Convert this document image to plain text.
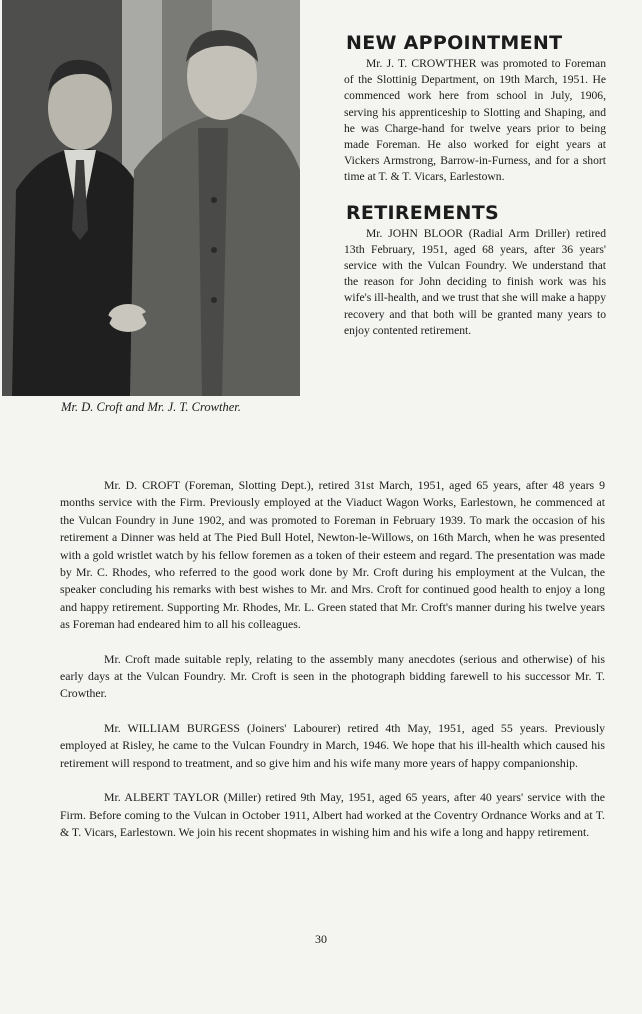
Mr. D. Croft and Mr. J. T. Crowther.
NEW APPOINTMENT

Mr. J. T. CROWTHER was promoted to Foreman of the Slottinig Department, on 19th March, 1951. He commenced work here from school in July, 1906, serving his apprenticeship to Slotting and Shaping, and he was Charge-hand for twelve years prior to being made Foreman. He also worked for eight years at Vickers Armstrong, Barrow-in-Furness, and for a short time at T. & T. Vicars, Earlestown.

RETIREMENTS

Mr. JOHN BLOOR (Radial Arm Driller) retired 13th February, 1951, aged 68 years, after 36 years' service with the Vulcan Foundry. We understand that the reason for John deciding to finish work was his wife's ill-health, and we trust that she will make a happy recovery and that both will be granted many years to enjoy contented retirement.

Mr. D. CROFT (Foreman, Slotting Dept.), retired 31st March, 1951, aged 65 years, after 48 years 9 months service with the Firm. Previously employed at the Viaduct Wagon Works, Earlestown, he commenced at the Vulcan Foundry in June 1902, and was promoted to Foreman in February 1939. To mark the occasion of his retirement a Dinner was held at The Pied Bull Hotel, Newton-le-Willows, on 16th March, when he was presented with a gold wristlet watch by his fellow foremen as a token of their esteem and regard. The presentation was made by Mr. C. Rhodes, who referred to the good work done by Mr. Croft during his employment at the Vulcan, the speaker concluding his remarks with best wishes to Mr. and Mrs. Croft for continued good health to enjoy a long and happy retirement. Supporting Mr. Rhodes, Mr. L. Green stated that Mr. Croft's manner during his twelve years as Foreman had endeared him to all his colleagues.

Mr. Croft made suitable reply, relating to the assembly many anecdotes (serious and otherwise) of his early days at the Vulcan Foundry. Mr. Croft is seen in the photograph bidding farewell to his successor Mr. T. Crowther.

Mr. WILLIAM BURGESS (Joiners' Labourer) retired 4th May, 1951, aged 55 years. Previously employed at Risley, he came to the Vulcan Foundry in March, 1946. We hope that his ill-health which caused his retirement will respond to treatment, and so give him and his wife many more years of happy companionship.

Mr. ALBERT TAYLOR (Miller) retired 9th May, 1951, aged 65 years, after 40 years' service with the Firm. Before coming to the Vulcan in October 1911, Albert had worked at the Coventry Ordnance Works and at T. & T. Vicars, Earlestown. We join his recent shopmates in wishing him and his wife a long and happy retirement.

30
